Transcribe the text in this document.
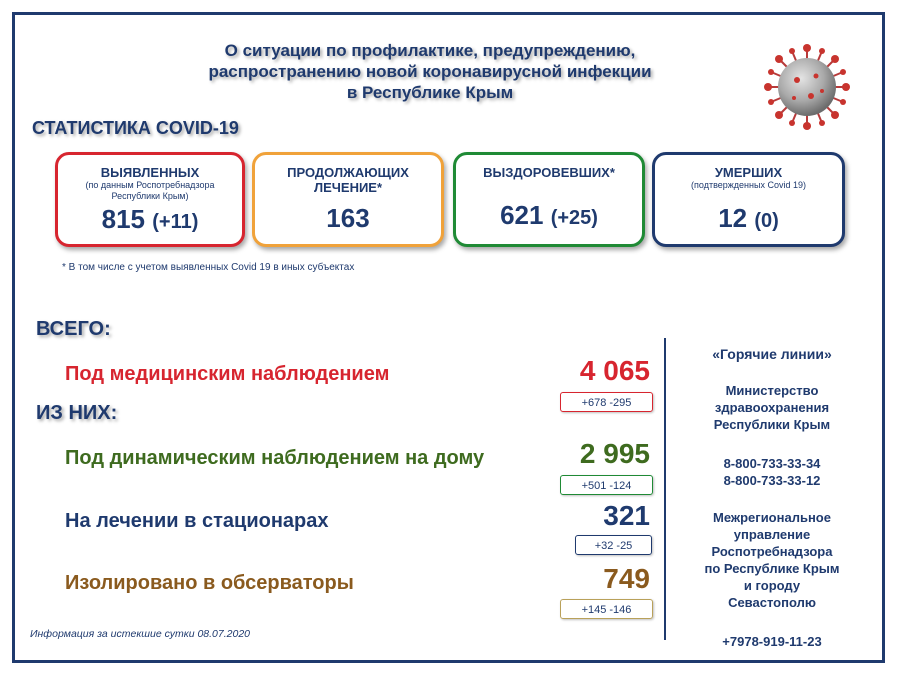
О ситуации по профилактике, предупреждению,
распространению новой коронавирусной инфекции
в Республике Крым
СТАТИСТИКА COVID-19
ВЫЯВЛЕННЫХ
(по данным Роспотребнадзора
Республики Крым)
815 (+11)
ПРОДОЛЖАЮЩИХ
ЛЕЧЕНИЕ*
163
ВЫЗДОРОВЕВШИХ*
621 (+25)
УМЕРШИХ
(подтвержденных Covid 19)
12 (0)
* В том числе с учетом выявленных Covid 19 в иных субъектах
ВСЕГО:
ИЗ НИХ:
Под медицинским наблюдением	4 065
+678 -295
Под динамическим наблюдением на дому	2 995
+501 -124
На лечении в стационарах	321
+32 -25
Изолировано в обсерваторы	749
+145 -146
«Горячие линии»
Министерство
здравоохранения
Республики Крым
8-800-733-33-34
8-800-733-33-12
Межрегиональное
управление
Роспотребнадзора
по Республике Крым
и городу
Севастополю
+7978-919-11-23
Информация за истекшие сутки 08.07.2020
